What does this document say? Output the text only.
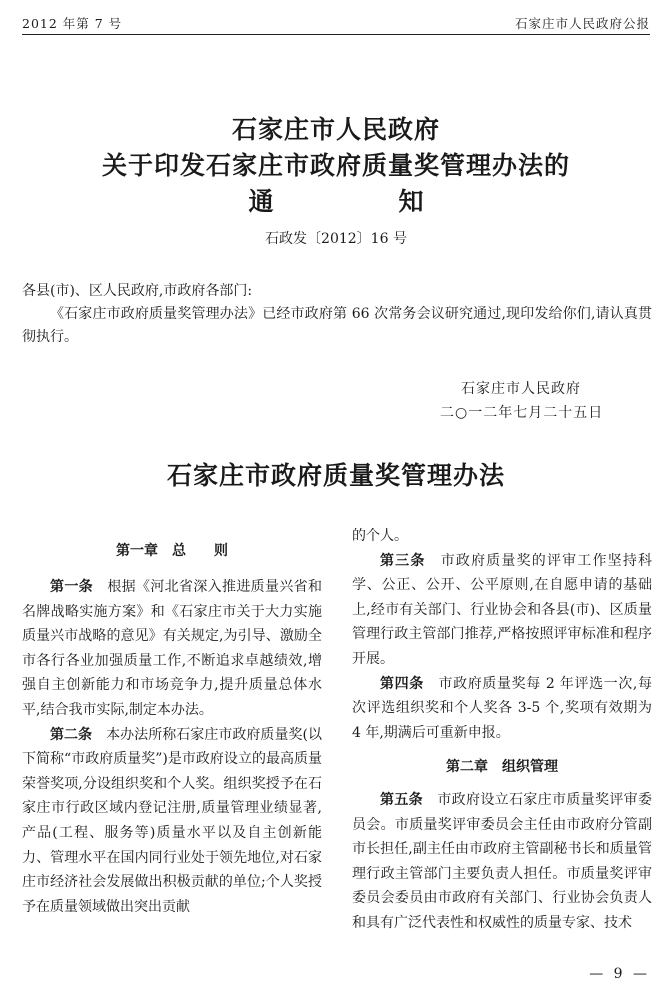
2012 年第 7 号	石家庄市人民政府公报
石家庄市人民政府
关于印发石家庄市政府质量奖管理办法的
通　　　　　知
石政发〔2012〕16 号
各县(市)、区人民政府,市政府各部门:
《石家庄市政府质量奖管理办法》已经市政府第 66 次常务会议研究通过,现印发给你们,请认真贯彻执行。
石家庄市人民政府
二○一二年七月二十五日
石家庄市政府质量奖管理办法
第一章　总　　则

第一条　 根据《河北省深入推进质量兴省和名牌战略实施方案》和《石家庄市关于大力实施质量兴市战略的意见》有关规定,为引导、激励全市各行各业加强质量工作,不断追求卓越绩效,增强自主创新能力和市场竞争力,提升质量总体水平,结合我市实际,制定本办法。

第二条　 本办法所称石家庄市政府质量奖(以下简称“市政府质量奖”)是市政府设立的最高质量荣誉奖项,分设组织奖和个人奖。组织奖授予在石家庄市行政区域内登记注册,质量管理业绩显著,产品(工程、服务等)质量水平以及自主创新能力、管理水平在国内同行业处于领先地位,对石家庄市经济社会发展做出积极贡献的单位;个人奖授予在质量领域做出突出贡献

的个人。

第三条　 市政府质量奖的评审工作坚持科学、公正、公开、公平原则,在自愿申请的基础上,经市有关部门、行业协会和各县(市)、区质量管理行政主管部门推荐,严格按照评审标准和程序开展。

第四条　 市政府质量奖每 2 年评选一次,每次评选组织奖和个人奖各 3-5 个,奖项有效期为 4 年,期满后可重新申报。

第二章　组织管理

第五条　 市政府设立石家庄市质量奖评审委员会。市质量奖评审委员会主任由市政府分管副市长担任,副主任由市政府主管副秘书长和质量管理行政主管部门主要负责人担任。市质量奖评审委员会委员由市政府有关部门、行业协会负责人和具有广泛代表性和权威性的质量专家、技术

— 9 —
